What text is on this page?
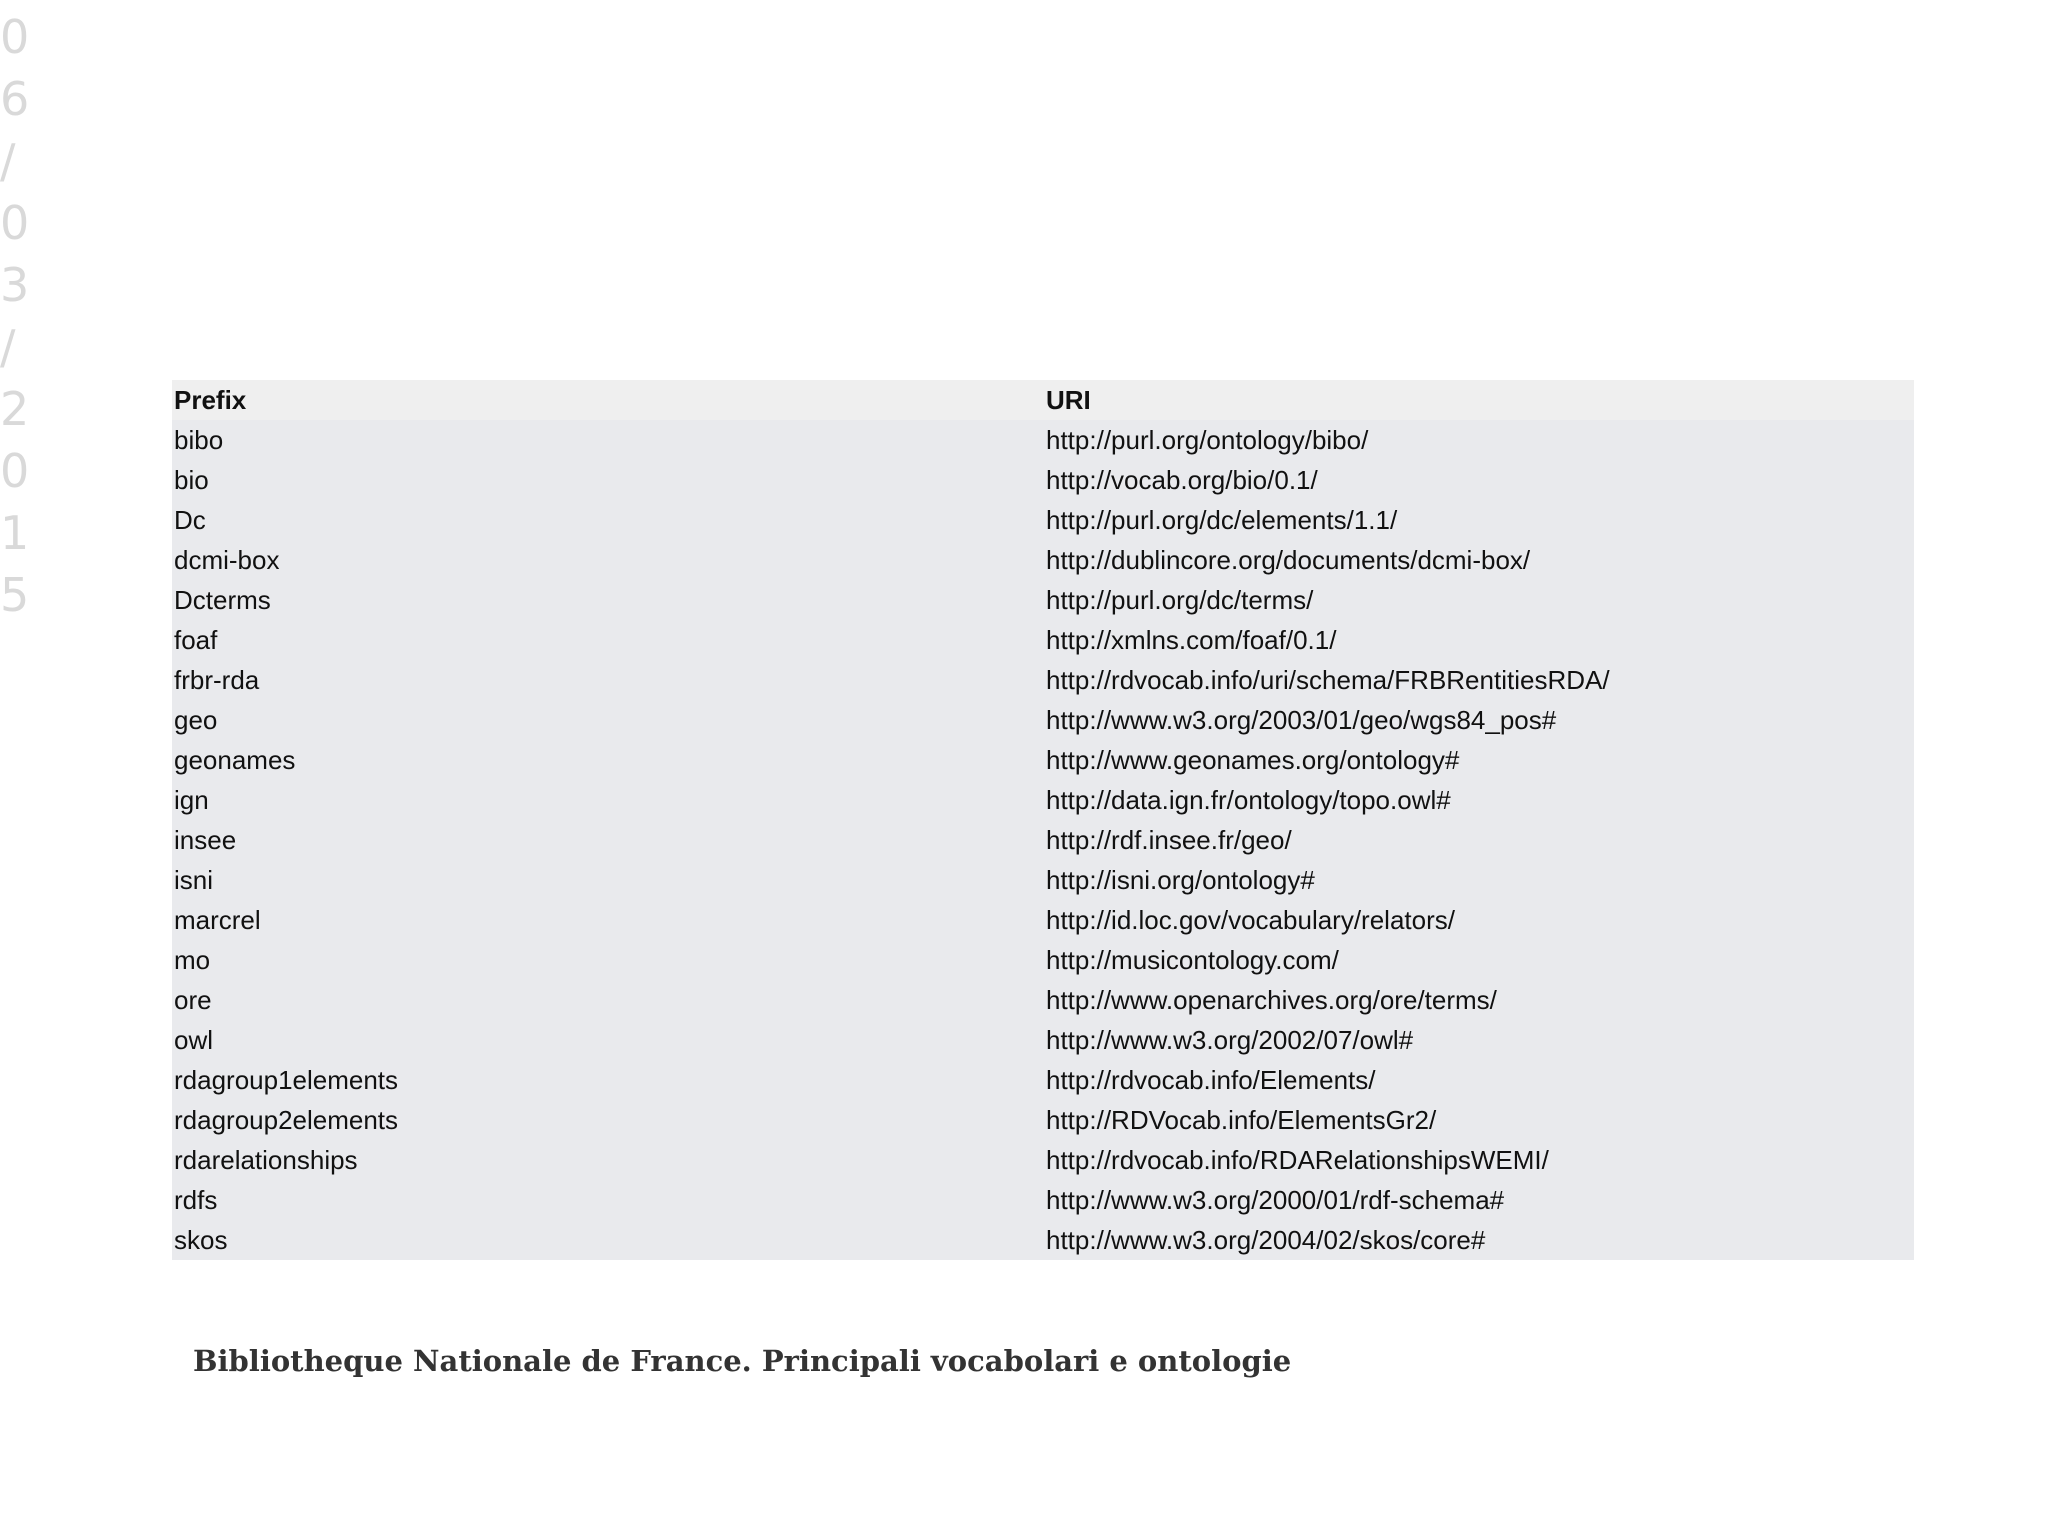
0
6
/
0
3
/
2
0
1
5
Prefix	URI
bibo	http://purl.org/ontology/bibo/
bio	http://vocab.org/bio/0.1/
Dc	http://purl.org/dc/elements/1.1/
dcmi-box	http://dublincore.org/documents/dcmi-box/
Dcterms	http://purl.org/dc/terms/
foaf	http://xmlns.com/foaf/0.1/
frbr-rda	http://rdvocab.info/uri/schema/FRBRentitiesRDA/
geo	http://www.w3.org/2003/01/geo/wgs84_pos#
geonames	http://www.geonames.org/ontology#
ign	http://data.ign.fr/ontology/topo.owl#
insee	http://rdf.insee.fr/geo/
isni	http://isni.org/ontology#
marcrel	http://id.loc.gov/vocabulary/relators/
mo	http://musicontology.com/
ore	http://www.openarchives.org/ore/terms/
owl	http://www.w3.org/2002/07/owl#
rdagroup1elements	http://rdvocab.info/Elements/
rdagroup2elements	http://RDVocab.info/ElementsGr2/
rdarelationships	http://rdvocab.info/RDARelationshipsWEMI/
rdfs	http://www.w3.org/2000/01/rdf-schema#
skos	http://www.w3.org/2004/02/skos/core#
Bibliotheque Nationale de France. Principali vocabolari e ontologie
